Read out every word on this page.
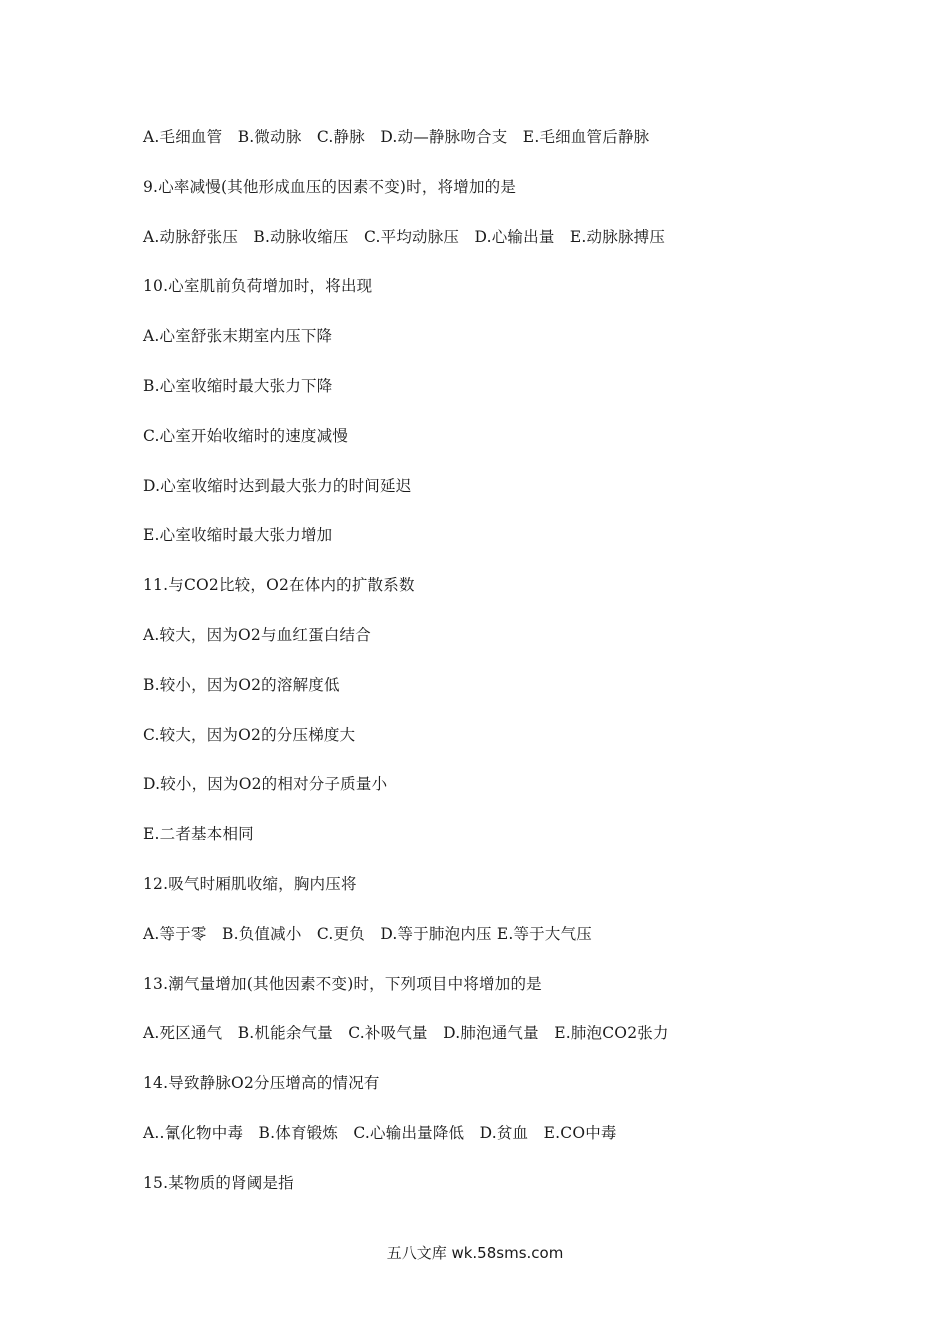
A.毛细血管   B.微动脉   C.静脉   D.动—静脉吻合支   E.毛细血管后静脉
9.心率减慢(其他形成血压的因素不变)时，将增加的是
A.动脉舒张压   B.动脉收缩压   C.平均动脉压   D.心输出量   E.动脉脉搏压
10.心室肌前负荷增加时，将出现
A.心室舒张末期室内压下降
B.心室收缩时最大张力下降
C.心室开始收缩时的速度减慢
D.心室收缩时达到最大张力的时间延迟
E.心室收缩时最大张力增加
11.与CO2比较，O2在体内的扩散系数
A.较大，因为O2与血红蛋白结合
B.较小，因为O2的溶解度低
C.较大，因为O2的分压梯度大
D.较小，因为O2的相对分子质量小
E.二者基本相同
12.吸气时厢肌收缩，胸内压将
A.等于零   B.负值减小   C.更负   D.等于肺泡内压 E.等于大气压
13.潮气量增加(其他因素不变)时，下列项目中将增加的是
A.死区通气   B.机能余气量   C.补吸气量   D.肺泡通气量   E.肺泡CO2张力
14.导致静脉O2分压增高的情况有
A..氰化物中毒   B.体育锻炼   C.心输出量降低   D.贫血   E.CO中毒
15.某物质的肾阈是指
五八文库 wk.58sms.com
